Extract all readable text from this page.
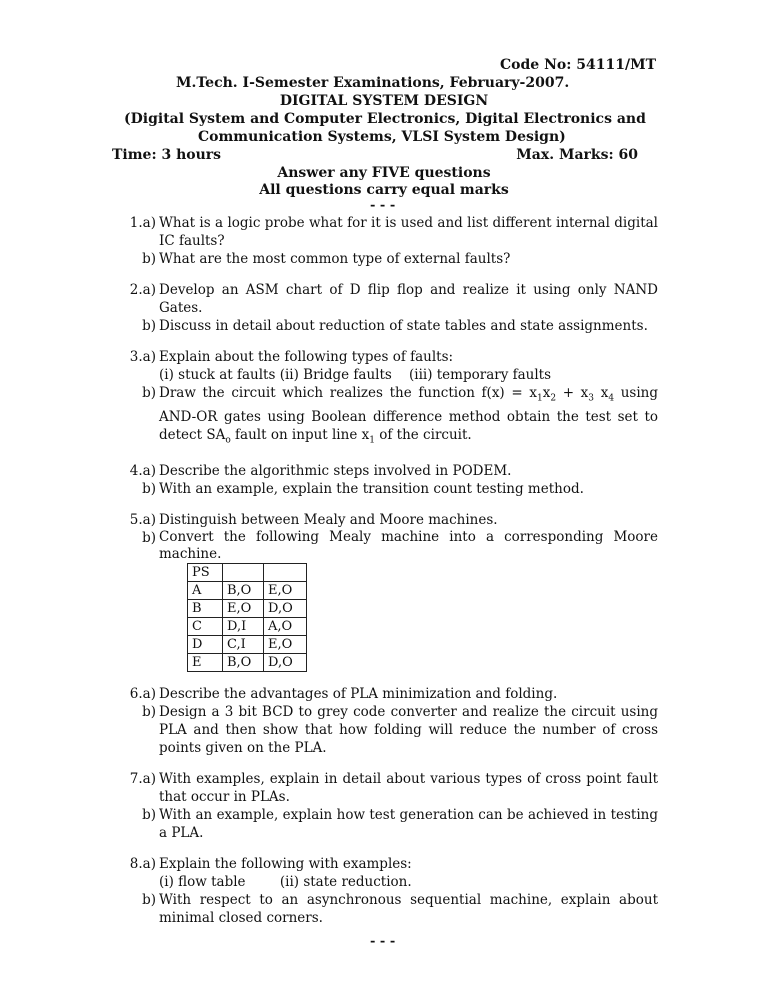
Code No: 54111/MT
M.Tech. I-Semester Examinations, February-2007.
DIGITAL SYSTEM DESIGN
(Digital System and Computer Electronics, Digital Electronics and
Communication Systems, VLSI System Design)
Time: 3 hours	Max. Marks: 60
Answer any FIVE questions
All questions carry equal marks
- - -
1.a) What is a logic probe what for it is used and list different internal digital IC faults?
b) What are the most common type of external faults?
2.a) Develop an ASM chart of D flip flop and realize it using only NAND Gates.
b) Discuss in detail about reduction of state tables and state assignments.
3.a) Explain about the following types of faults:
(i) stuck at faults (ii) Bridge faults    (iii) temporary faults
b) Draw the circuit which realizes the function $f(x) = x_1x_2 + x_3$ $x_4$ using AND-OR gates using Boolean difference method obtain the test set to detect $SA_o$ fault on input line $x_1$ of the circuit.
4.a) Describe the algorithmic steps involved in PODEM.
b) With an example, explain the transition count testing method.
5.a) Distinguish between Mealy and Moore machines.
b) Convert the following Mealy machine into a corresponding Moore machine.
PS		
A	B,O	E,O
B	E,O	D,O
C	D,I	A,O
D	C,I	E,O
E	B,O	D,O
6.a) Describe the advantages of PLA minimization and folding.
b) Design a 3 bit BCD to grey code converter and realize the circuit using PLA and then show that how folding will reduce the number of cross points given on the PLA.
7.a) With examples, explain in detail about various types of cross point fault that occur in PLAs.
b) With an example, explain how test generation can be achieved in testing a PLA.
8.a) Explain the following with examples:
(i) flow table        (ii) state reduction.
b) With respect to an asynchronous sequential machine, explain about minimal closed corners.
- - -
